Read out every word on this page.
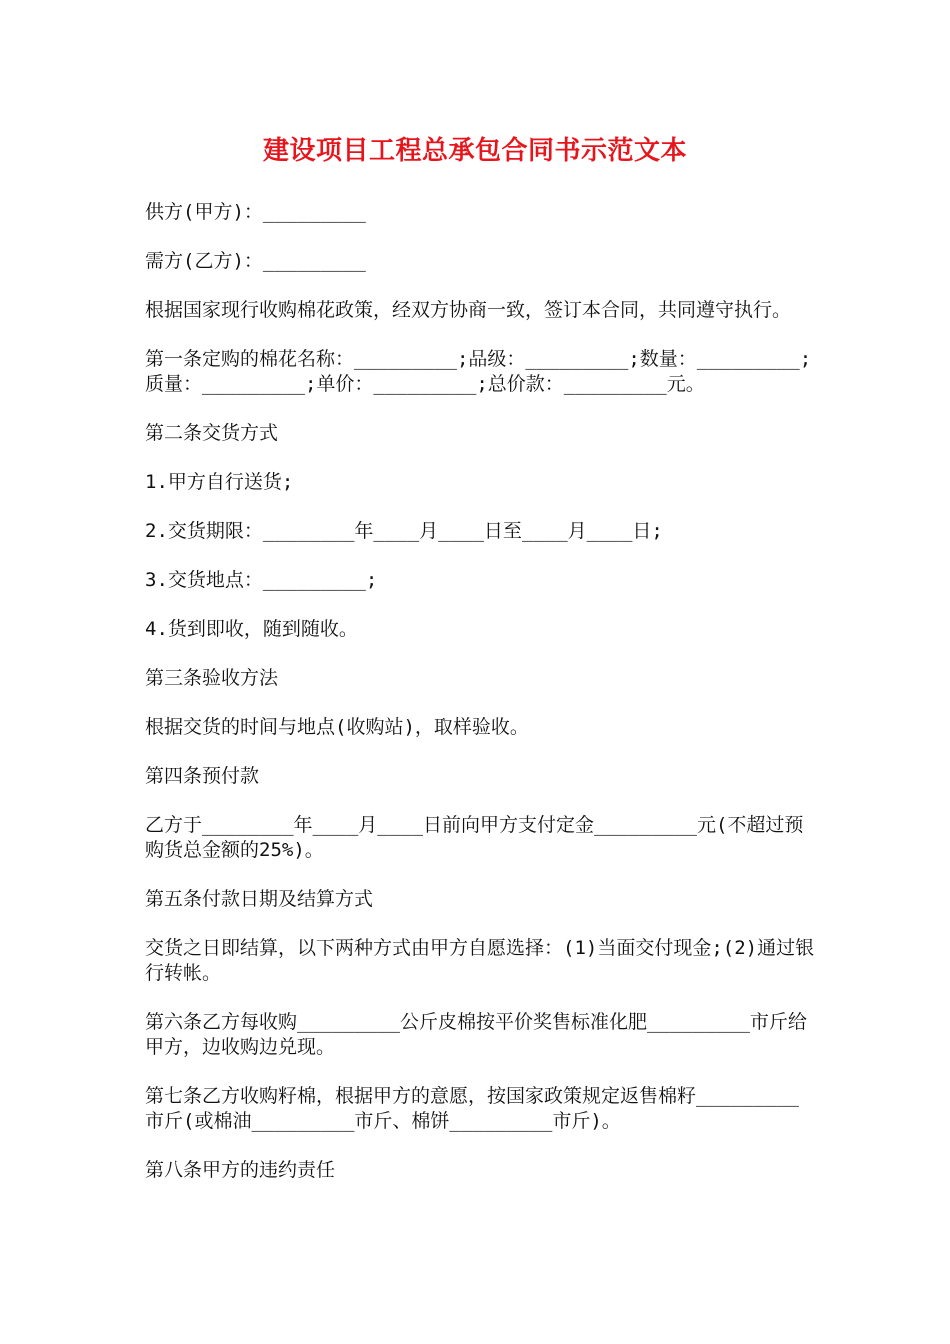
建设项目工程总承包合同书示范文本

供方(甲方)：_________

需方(乙方)：_________

根据国家现行收购棉花政策，经双方协商一致，签订本合同，共同遵守执行。

第一条定购的棉花名称：_________;品级：_________;数量：_________;质量：_________;单价：_________;总价款：_________元。

第二条交货方式

1.甲方自行送货;

2.交货期限：________年____月____日至____月____日;

3.交货地点：_________;

4.货到即收，随到随收。

第三条验收方法

根据交货的时间与地点(收购站)，取样验收。

第四条预付款

乙方于________年____月____日前向甲方支付定金_________元(不超过预购货总金额的25%)。

第五条付款日期及结算方式

交货之日即结算，以下两种方式由甲方自愿选择：(1)当面交付现金;(2)通过银行转帐。

第六条乙方每收购_________公斤皮棉按平价奖售标准化肥_________市斤给甲方，边收购边兑现。

第七条乙方收购籽棉，根据甲方的意愿，按国家政策规定返售棉籽_________市斤(或棉油_________市斤、棉饼_________市斤)。

第八条甲方的违约责任
